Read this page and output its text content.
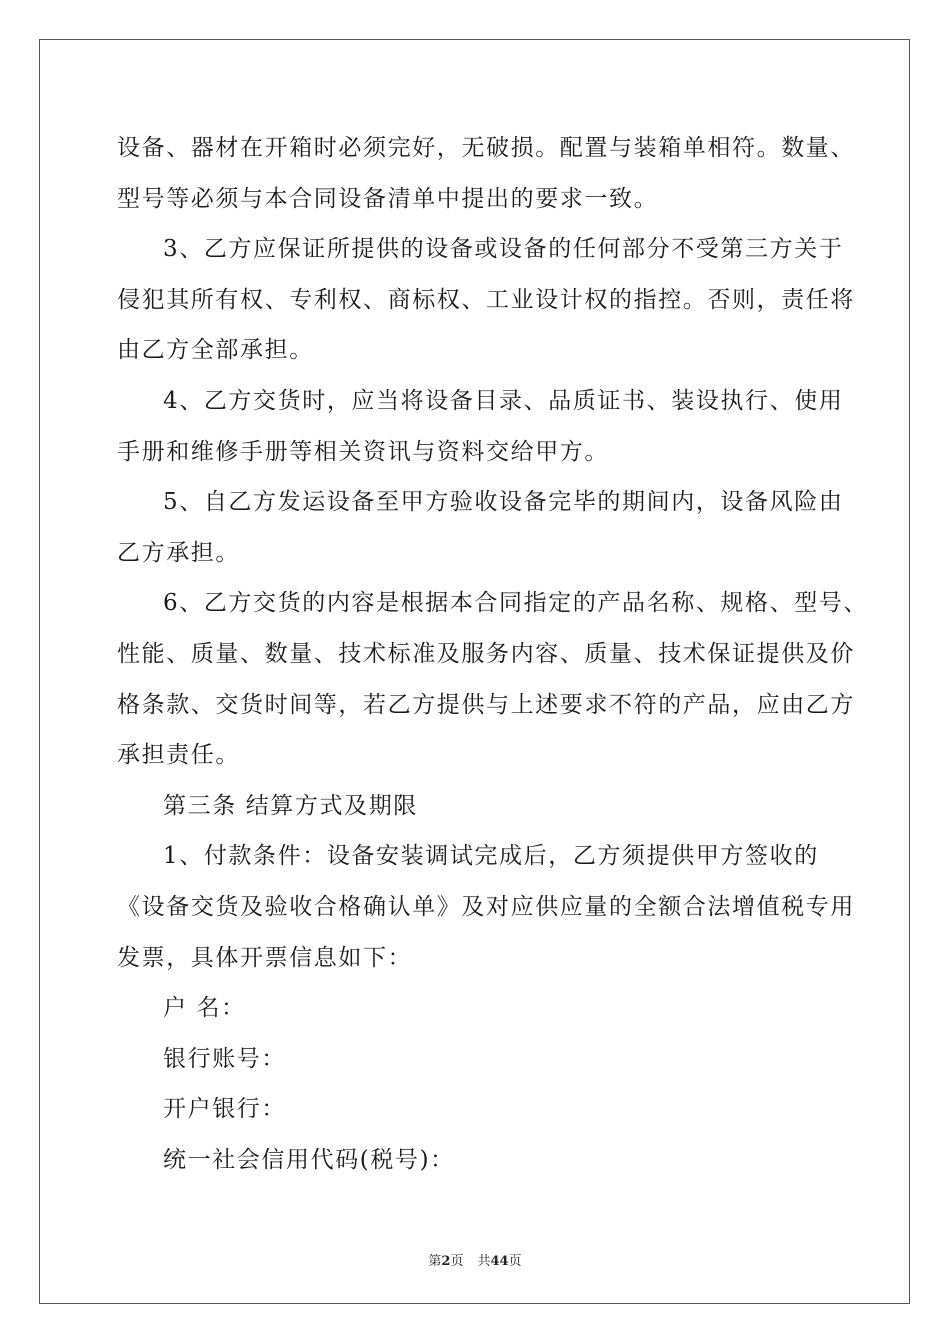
设备、器材在开箱时必须完好，无破损。配置与装箱单相符。数量、
型号等必须与本合同设备清单中提出的要求一致。
3、乙方应保证所提供的设备或设备的任何部分不受第三方关于
侵犯其所有权、专利权、商标权、工业设计权的指控。否则，责任将
由乙方全部承担。
4、乙方交货时，应当将设备目录、品质证书、装设执行、使用
手册和维修手册等相关资讯与资料交给甲方。
5、自乙方发运设备至甲方验收设备完毕的期间内，设备风险由
乙方承担。
6、乙方交货的内容是根据本合同指定的产品名称、规格、型号、
性能、质量、数量、技术标准及服务内容、质量、技术保证提供及价
格条款、交货时间等，若乙方提供与上述要求不符的产品，应由乙方
承担责任。
第三条 结算方式及期限
1、付款条件：设备安装调试完成后，乙方须提供甲方签收的
《设备交货及验收合格确认单》及对应供应量的全额合法增值税专用
发票，具体开票信息如下：
户 名：
银行账号：
开户银行：
统一社会信用代码(税号)：
第2页 共44页
